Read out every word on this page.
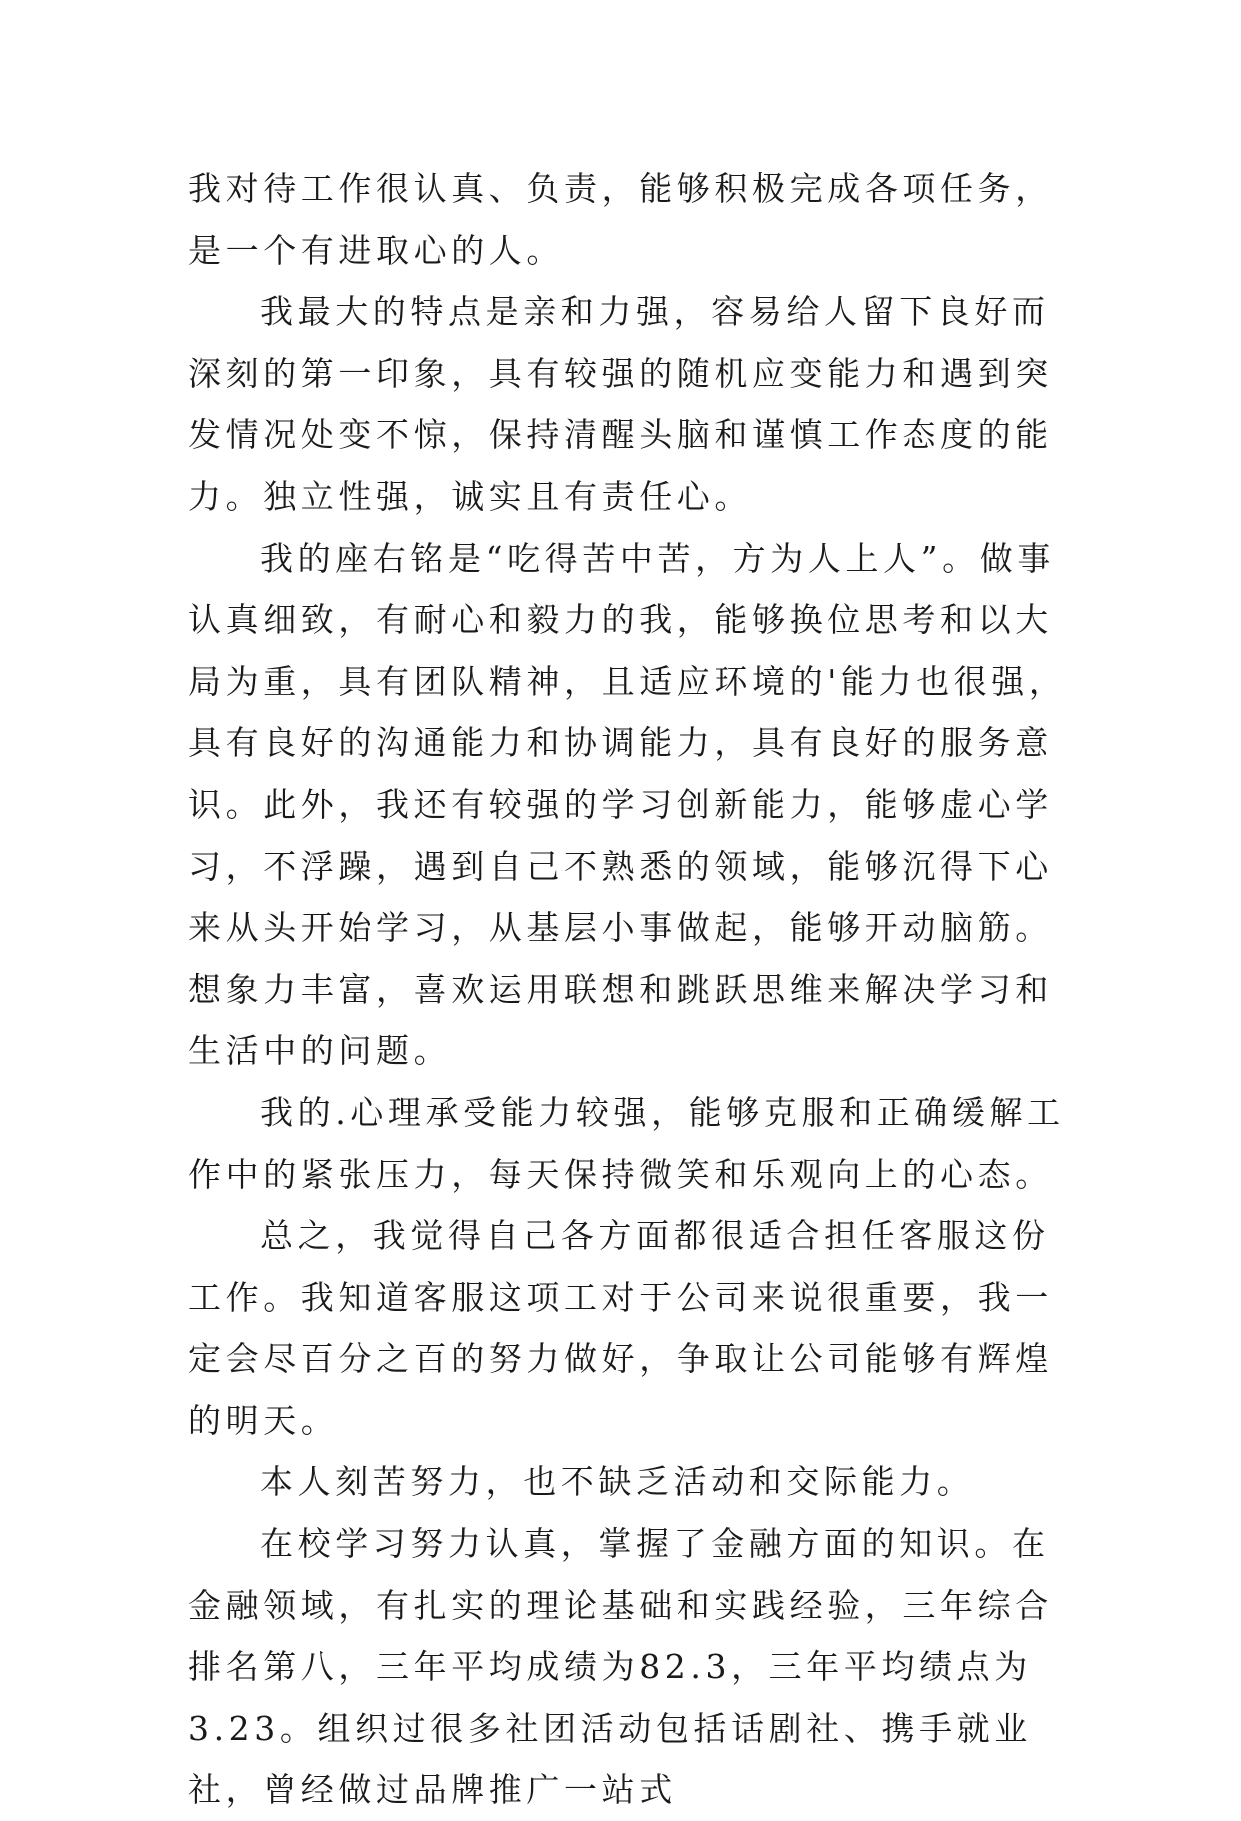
我对待工作很认真、负责，能够积极完成各项任务，是一个有进取心的人。

我最大的特点是亲和力强，容易给人留下良好而深刻的第一印象，具有较强的随机应变能力和遇到突发情况处变不惊，保持清醒头脑和谨慎工作态度的能力。独立性强，诚实且有责任心。

我的座右铭是“吃得苦中苦，方为人上人”。做事认真细致，有耐心和毅力的我，能够换位思考和以大局为重，具有团队精神，且适应环境的'能力也很强，具有良好的沟通能力和协调能力，具有良好的服务意识。此外，我还有较强的学习创新能力，能够虚心学习，不浮躁，遇到自己不熟悉的领域，能够沉得下心来从头开始学习，从基层小事做起，能够开动脑筋。想象力丰富，喜欢运用联想和跳跃思维来解决学习和生活中的问题。

我的.心理承受能力较强，能够克服和正确缓解工作中的紧张压力，每天保持微笑和乐观向上的心态。

总之，我觉得自己各方面都很适合担任客服这份工作。我知道客服这项工对于公司来说很重要，我一定会尽百分之百的努力做好，争取让公司能够有辉煌的明天。

本人刻苦努力，也不缺乏活动和交际能力。

在校学习努力认真，掌握了金融方面的知识。在金融领域，有扎实的理论基础和实践经验，三年综合排名第八，三年平均成绩为82.3，三年平均绩点为3.23。组织过很多社团活动包括话剧社、携手就业社，曾经做过品牌推广一站式
